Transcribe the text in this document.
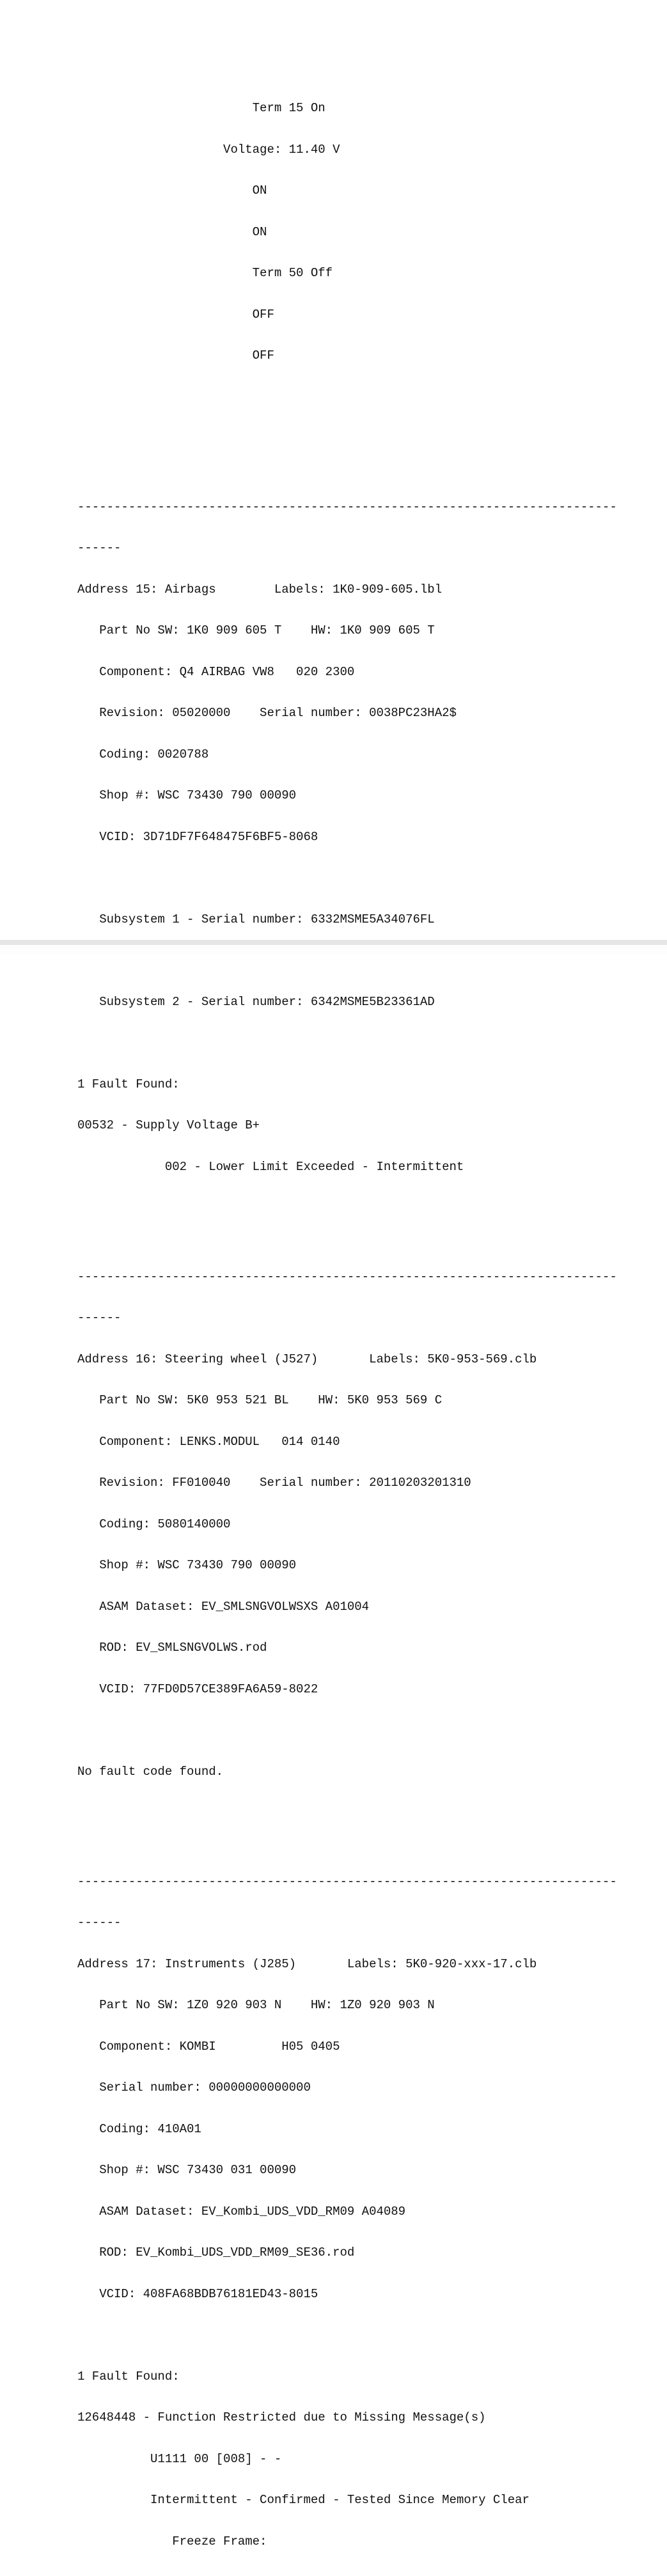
Term 15 On

Voltage: 11.40 V

ON

ON

Term 50 Off

OFF

OFF

--------------------------------------------------------------------------

------

Address 15: Airbags        Labels: 1K0-909-605.lbl

Part No SW: 1K0 909 605 T    HW: 1K0 909 605 T

Component: Q4 AIRBAG VW8   020 2300

Revision: 05020000    Serial number: 0038PC23HA2$

Coding: 0020788

Shop #: WSC 73430 790 00090

VCID: 3D71DF7F648475F6BF5-8068

Subsystem 1 - Serial number: 6332MSME5A34076FL

Subsystem 2 - Serial number: 6342MSME5B23361AD

1 Fault Found:

00532 - Supply Voltage B+

002 - Lower Limit Exceeded - Intermittent

--------------------------------------------------------------------------

------

Address 16: Steering wheel (J527)       Labels: 5K0-953-569.clb

Part No SW: 5K0 953 521 BL    HW: 5K0 953 569 C

Component: LENKS.MODUL   014 0140

Revision: FF010040    Serial number: 20110203201310

Coding: 5080140000

Shop #: WSC 73430 790 00090

ASAM Dataset: EV_SMLSNGVOLWSXS A01004

ROD: EV_SMLSNGVOLWS.rod

VCID: 77FD0D57CE389FA6A59-8022

No fault code found.

--------------------------------------------------------------------------

------

Address 17: Instruments (J285)       Labels: 5K0-920-xxx-17.clb

Part No SW: 1Z0 920 903 N    HW: 1Z0 920 903 N

Component: KOMBI         H05 0405

Serial number: 00000000000000

Coding: 410A01

Shop #: WSC 73430 031 00090

ASAM Dataset: EV_Kombi_UDS_VDD_RM09 A04089

ROD: EV_Kombi_UDS_VDD_RM09_SE36.rod

VCID: 408FA68BDB76181ED43-8015

1 Fault Found:

12648448 - Function Restricted due to Missing Message(s)

U1111 00 [008] - -

Intermittent - Confirmed - Tested Since Memory Clear

Freeze Frame:
